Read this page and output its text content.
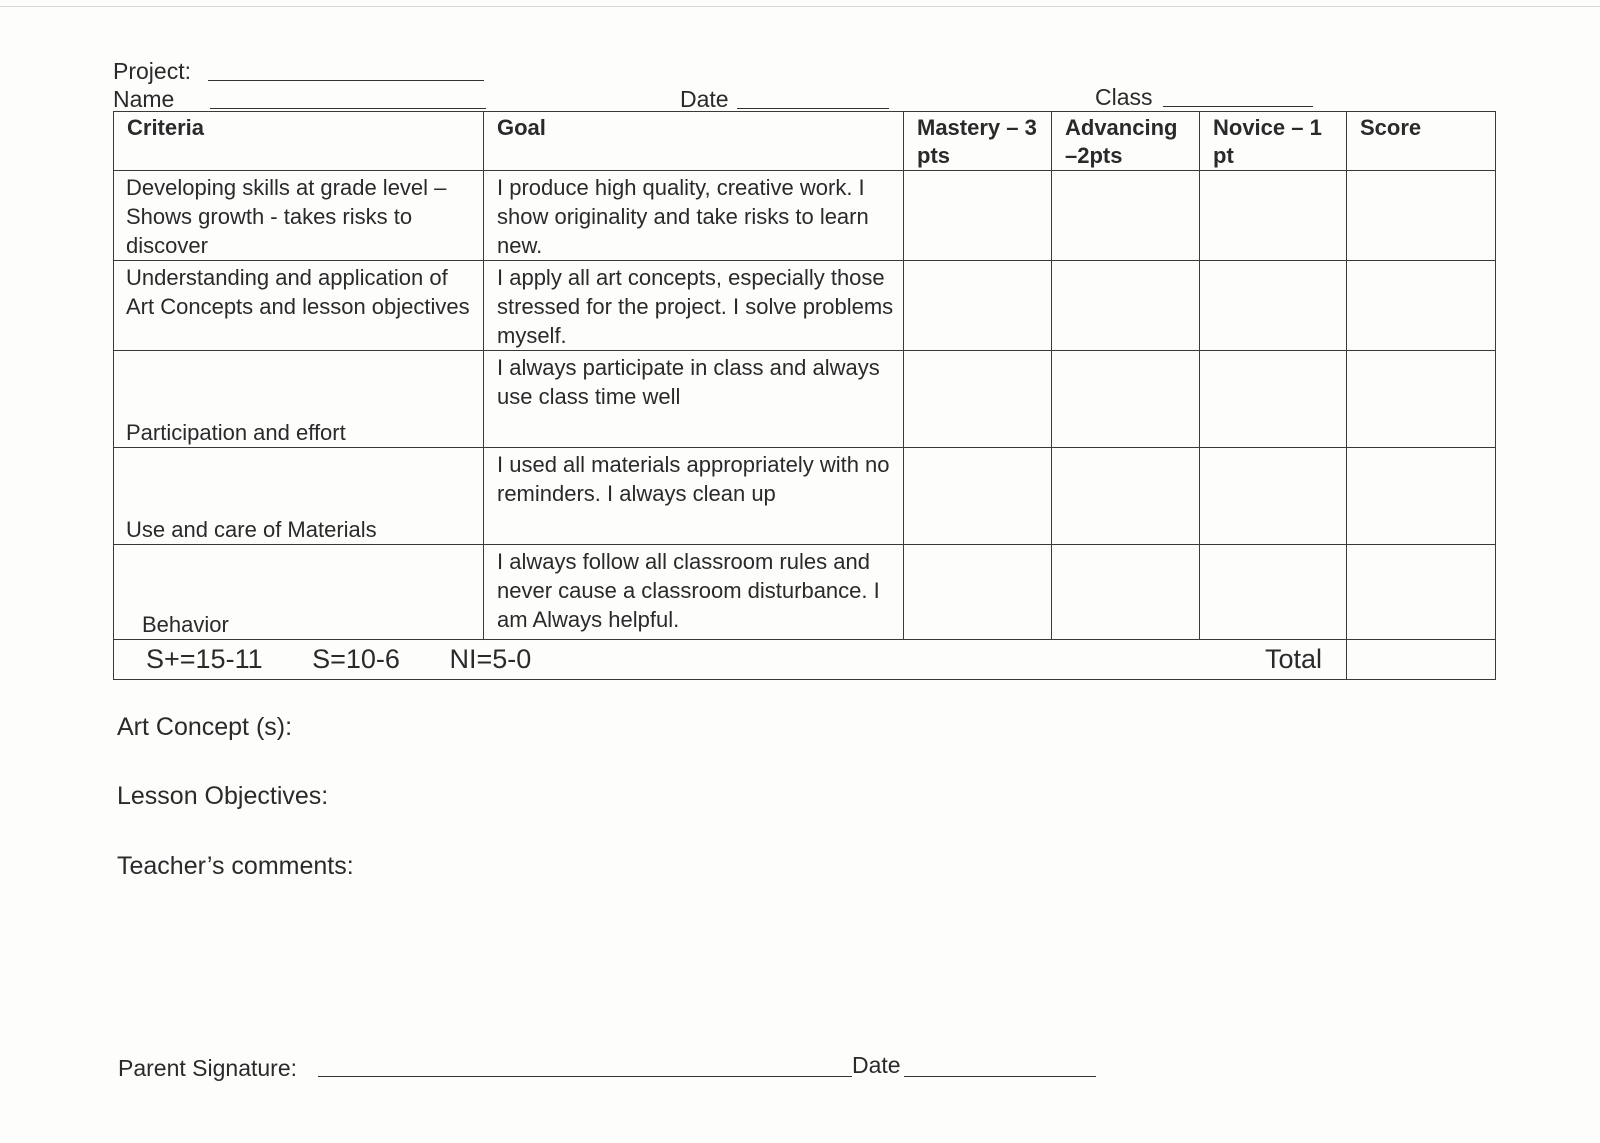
Project:
Name	Date	Class
Criteria	Goal	Mastery – 3 pts	Advancing –2pts	Novice – 1 pt	Score

Developing skills at grade level – Shows growth - takes risks to discover	I produce high quality, creative work. I show originality and take risks to learn new.				

Understanding and application of Art Concepts and lesson objectives	I apply all art concepts, especially those stressed for the project. I solve problems myself.				

Participation and effort	I always participate in class and always use class time well				

Use and care of Materials	I used all materials appropriately with no reminders. I always clean up				

Behavior	I always follow all classroom rules and never cause a classroom disturbance. I am Always helpful.				

S+=15-11 S=10-6 NI=5-0				Total	
Art Concept (s):
Lesson Objectives:
Teacher’s comments:
Parent Signature:	Date
